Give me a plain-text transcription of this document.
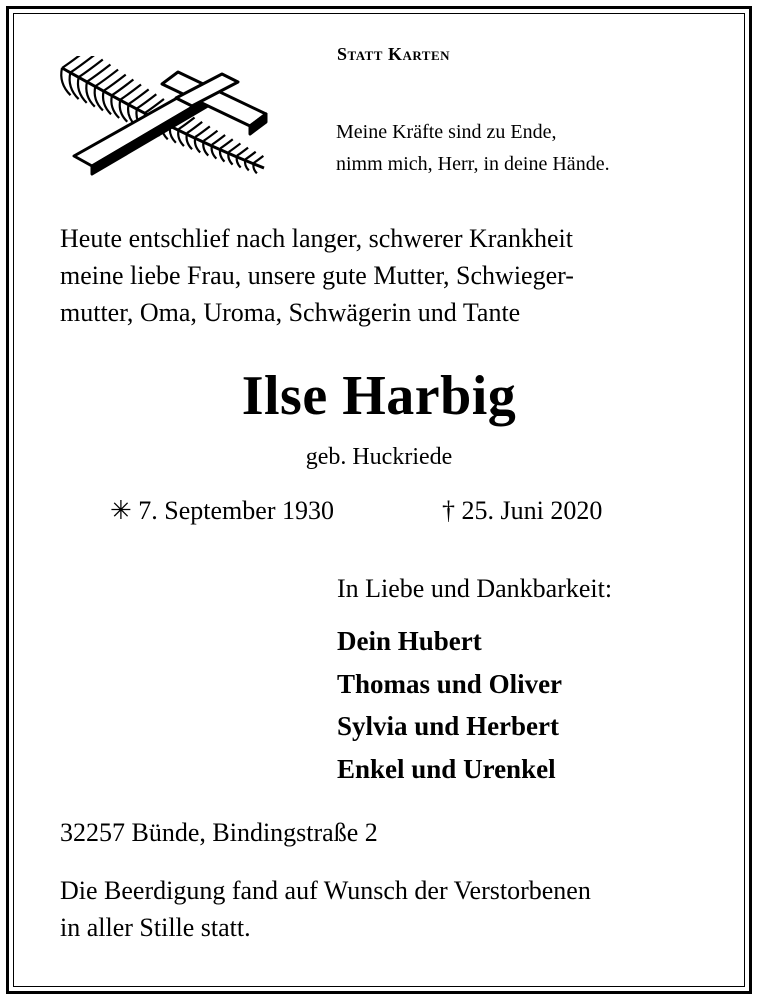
Statt Karten
Meine Kräfte sind zu Ende,
nimm mich, Herr, in deine Hände.
Heute entschlief nach langer, schwerer Krankheit
meine liebe Frau, unsere gute Mutter, Schwieger-
mutter, Oma, Uroma, Schwägerin und Tante
Ilse Harbig
geb. Huckriede
✳ 7. September 1930	† 25. Juni 2020
In Liebe und Dankbarkeit:
Dein Hubert
Thomas und Oliver
Sylvia und Herbert
Enkel und Urenkel
32257 Bünde, Bindingstraße 2
Die Beerdigung fand auf Wunsch der Verstorbenen
in aller Stille statt.
